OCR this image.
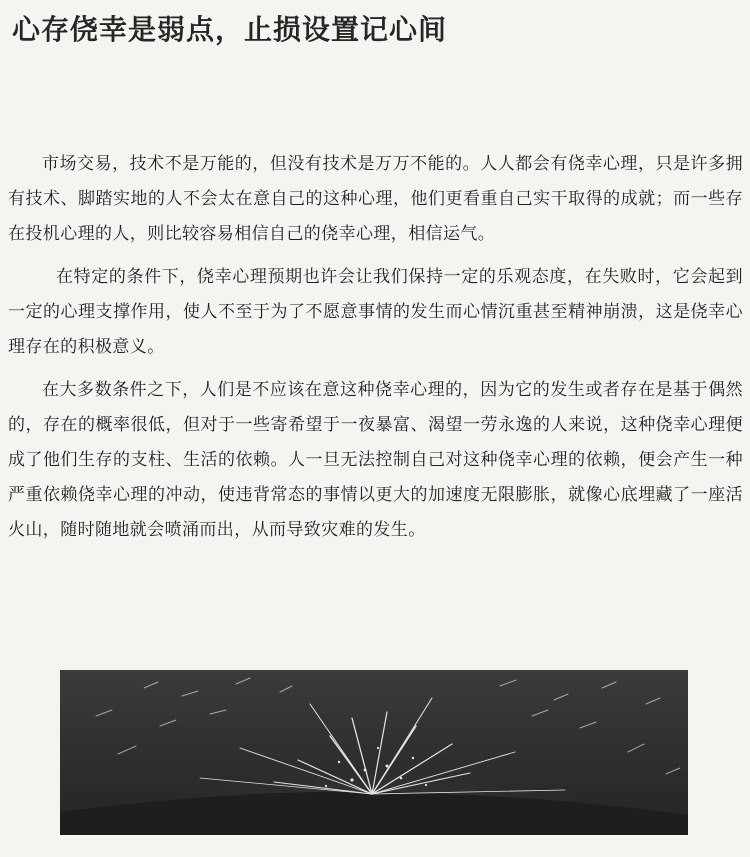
心存侥幸是弱点，止损设置记心间

市场交易，技术不是万能的，但没有技术是万万不能的。人人都会有侥幸心理，只是许多拥有技术、脚踏实地的人不会太在意自己的这种心理，他们更看重自己实干取得的成就；而一些存在投机心理的人，则比较容易相信自己的侥幸心理，相信运气。

在特定的条件下，侥幸心理预期也许会让我们保持一定的乐观态度，在失败时，它会起到一定的心理支撑作用，使人不至于为了不愿意事情的发生而心情沉重甚至精神崩溃，这是侥幸心理存在的积极意义。

在大多数条件之下，人们是不应该在意这种侥幸心理的，因为它的发生或者存在是基于偶然的，存在的概率很低，但对于一些寄希望于一夜暴富、渴望一劳永逸的人来说，这种侥幸心理便成了他们生存的支柱、生活的依赖。人一旦无法控制自己对这种侥幸心理的依赖，便会产生一种严重依赖侥幸心理的冲动，使违背常态的事情以更大的加速度无限膨胀，就像心底埋藏了一座活火山，随时随地就会喷涌而出，从而导致灾难的发生。
